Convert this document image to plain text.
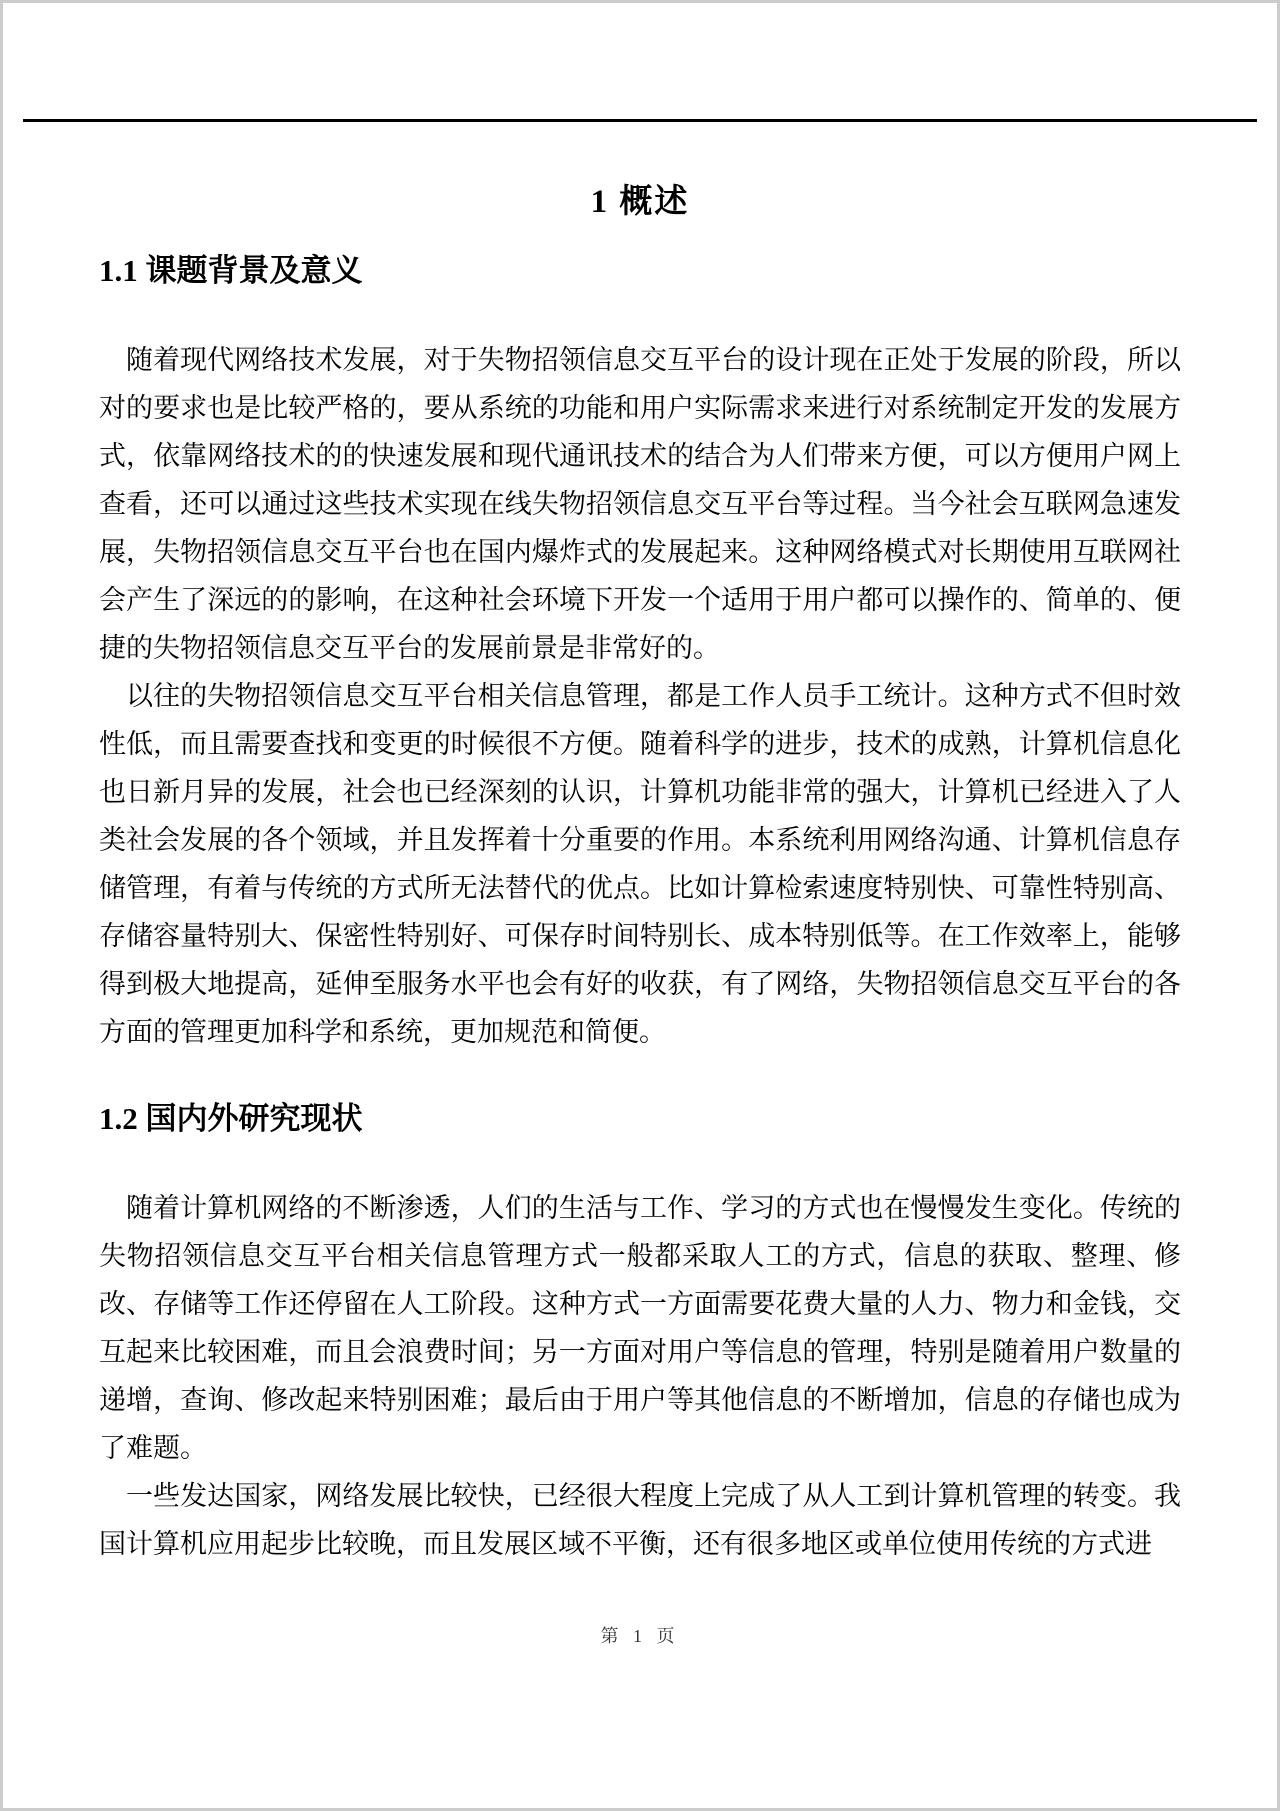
1 概述
1.1 课题背景及意义

随着现代网络技术发展，对于失物招领信息交互平台的设计现在正处于发展的阶段，所以对的要求也是比较严格的，要从系统的功能和用户实际需求来进行对系统制定开发的发展方式，依靠网络技术的的快速发展和现代通讯技术的结合为人们带来方便，可以方便用户网上查看，还可以通过这些技术实现在线失物招领信息交互平台等过程。当今社会互联网急速发展，失物招领信息交互平台也在国内爆炸式的发展起来。这种网络模式对长期使用互联网社会产生了深远的的影响，在这种社会环境下开发一个适用于用户都可以操作的、简单的、便捷的失物招领信息交互平台的发展前景是非常好的。

以往的失物招领信息交互平台相关信息管理，都是工作人员手工统计。这种方式不但时效性低，而且需要查找和变更的时候很不方便。随着科学的进步，技术的成熟，计算机信息化也日新月异的发展，社会也已经深刻的认识，计算机功能非常的强大，计算机已经进入了人类社会发展的各个领域，并且发挥着十分重要的作用。本系统利用网络沟通、计算机信息存储管理，有着与传统的方式所无法替代的优点。比如计算检索速度特别快、可靠性特别高、存储容量特别大、保密性特别好、可保存时间特别长、成本特别低等。在工作效率上，能够得到极大地提高，延伸至服务水平也会有好的收获，有了网络，失物招领信息交互平台的各方面的管理更加科学和系统，更加规范和简便。

1.2 国内外研究现状

随着计算机网络的不断渗透，人们的生活与工作、学习的方式也在慢慢发生变化。传统的失物招领信息交互平台相关信息管理方式一般都采取人工的方式，信息的获取、整理、修改、存储等工作还停留在人工阶段。这种方式一方面需要花费大量的人力、物力和金钱，交互起来比较困难，而且会浪费时间；另一方面对用户等信息的管理，特别是随着用户数量的递增，查询、修改起来特别困难；最后由于用户等其他信息的不断增加，信息的存储也成为了难题。

一些发达国家，网络发展比较快，已经很大程度上完成了从人工到计算机管理的转变。我国计算机应用起步比较晚，而且发展区域不平衡，还有很多地区或单位使用传统的方式进

第 1 页
